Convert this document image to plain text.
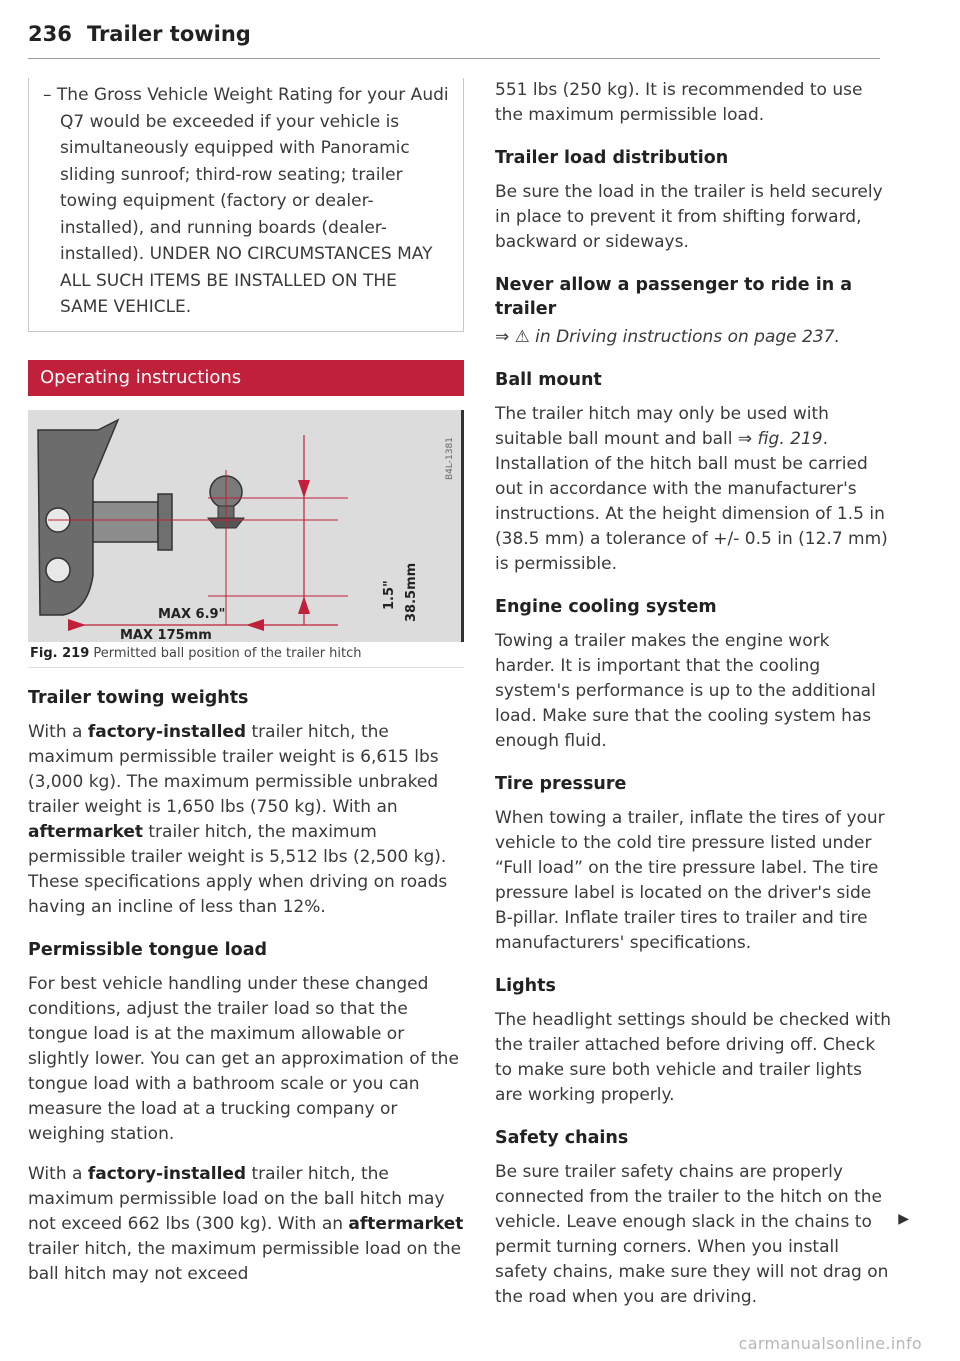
236 Trailer towing
– The Gross Vehicle Weight Rating for your Audi Q7 would be exceeded if your vehicle is simultaneously equipped with Panoramic sliding sunroof; third-row seating; trailer towing equipment (factory or dealer-installed), and running boards (dealer-installed). UNDER NO CIRCUMSTANCES MAY ALL SUCH ITEMS BE INSTALLED ON THE SAME VEHICLE.
Operating instructions
MAX 6.9"
MAX 175mm
1.5" 38.5mm
B4L-1381
Fig. 219 Permitted ball position of the trailer hitch
Trailer towing weights

With a factory-installed trailer hitch, the maximum permissible trailer weight is 6,615 lbs (3,000 kg). The maximum permissible unbraked trailer weight is 1,650 lbs (750 kg). With an aftermarket trailer hitch, the maximum permissible trailer weight is 5,512 lbs (2,500 kg). These specifications apply when driving on roads having an incline of less than 12%.

Permissible tongue load

For best vehicle handling under these changed conditions, adjust the trailer load so that the tongue load is at the maximum allowable or slightly lower. You can get an approximation of the tongue load with a bathroom scale or you can measure the load at a trucking company or weighing station.

With a factory-installed trailer hitch, the maximum permissible load on the ball hitch may not exceed 662 lbs (300 kg). With an aftermarket trailer hitch, the maximum permissible load on the ball hitch may not exceed

551 lbs (250 kg). It is recommended to use the maximum permissible load.

Trailer load distribution

Be sure the load in the trailer is held securely in place to prevent it from shifting forward, backward or sideways.

Never allow a passenger to ride in a trailer

⇒ ⚠ in Driving instructions on page 237.

Ball mount

The trailer hitch may only be used with suitable ball mount and ball ⇒ fig. 219. Installation of the hitch ball must be carried out in accordance with the manufacturer's instructions. At the height dimension of 1.5 in (38.5 mm) a tolerance of +/- 0.5 in (12.7 mm) is permissible.

Engine cooling system

Towing a trailer makes the engine work harder. It is important that the cooling system's performance is up to the additional load. Make sure that the cooling system has enough fluid.

Tire pressure

When towing a trailer, inflate the tires of your vehicle to the cold tire pressure listed under “Full load” on the tire pressure label. The tire pressure label is located on the driver's side B-pillar. Inflate trailer tires to trailer and tire manufacturers' specifications.

Lights

The headlight settings should be checked with the trailer attached before driving off. Check to make sure both vehicle and trailer lights are working properly.

Safety chains

Be sure trailer safety chains are properly connected from the trailer to the hitch on the vehicle. Leave enough slack in the chains to permit turning corners. When you install safety chains, make sure they will not drag on the road when you are driving.

▶
carmanualsonline.info
